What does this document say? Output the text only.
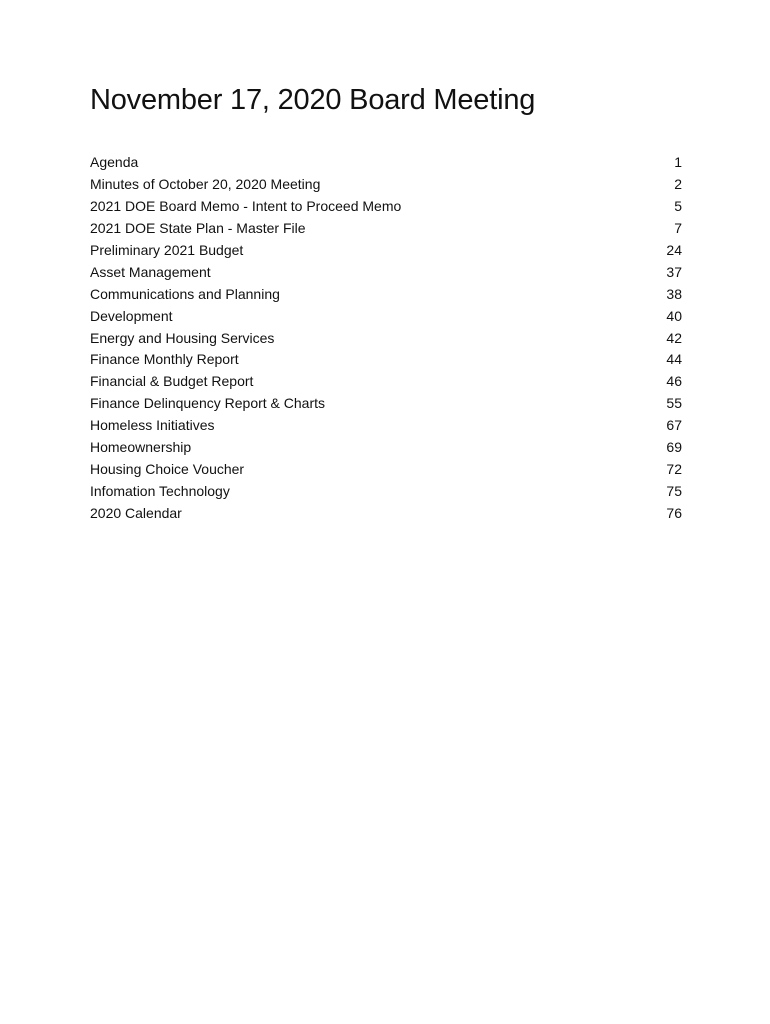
November 17, 2020 Board Meeting
Agenda	1
Minutes of October 20, 2020 Meeting	2
2021 DOE Board Memo - Intent to Proceed Memo	5
2021 DOE State Plan - Master File	7
Preliminary 2021 Budget	24
Asset Management	37
Communications and Planning	38
Development	40
Energy and Housing Services	42
Finance Monthly Report	44
Financial & Budget Report	46
Finance Delinquency Report & Charts	55
Homeless Initiatives	67
Homeownership	69
Housing Choice Voucher	72
Infomation Technology	75
2020 Calendar	76
